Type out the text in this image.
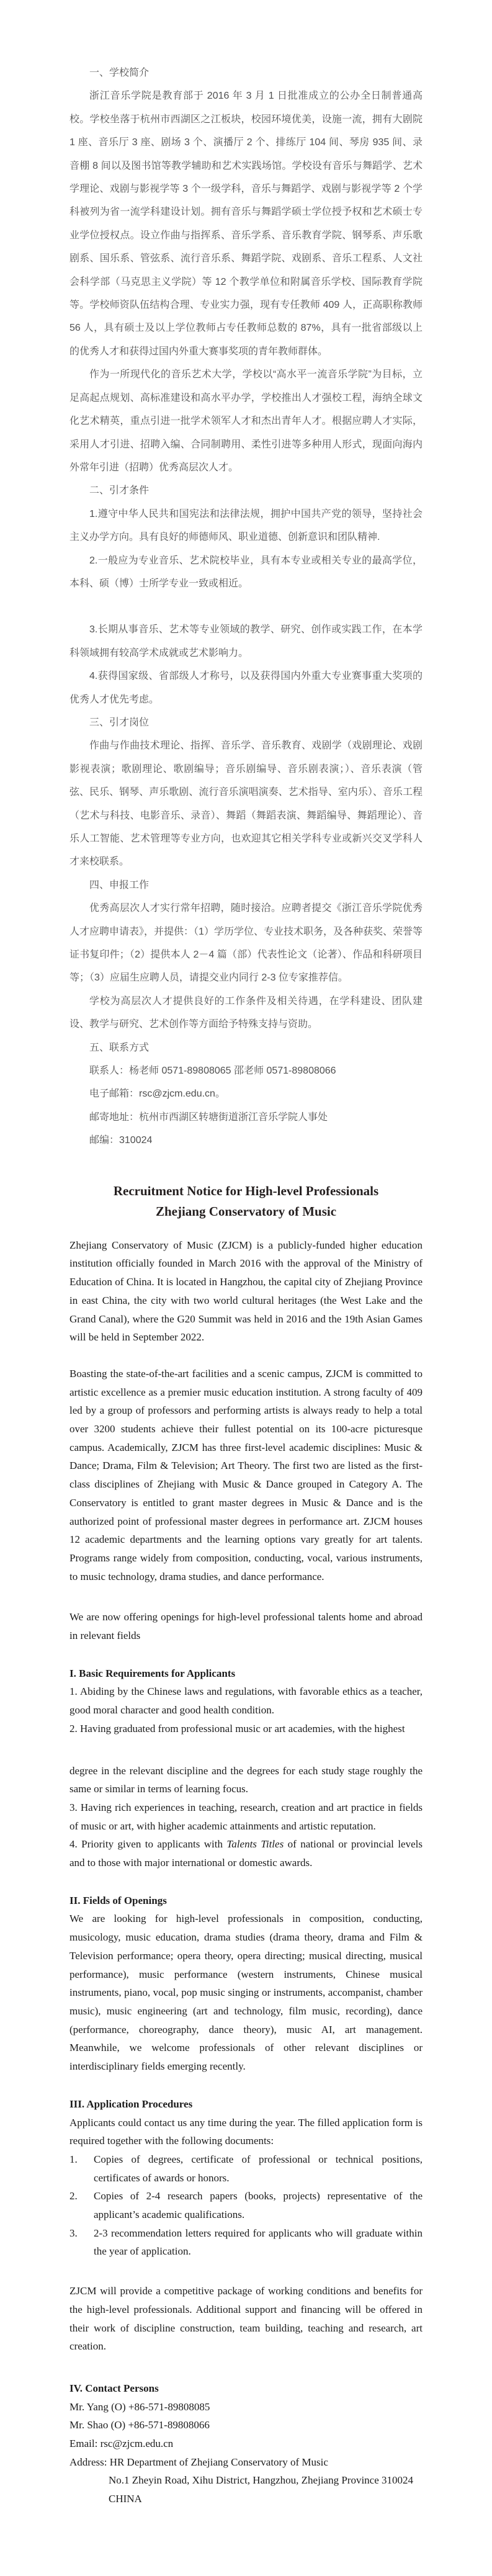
一、学校简介

浙江音乐学院是教育部于 2016 年 3 月 1 日批准成立的公办全日制普通高校。学校坐落于杭州市西湖区之江板块，校园环境优美，设施一流，拥有大剧院 1 座、音乐厅 3 座、剧场 3 个、演播厅 2 个、排练厅 104 间、琴房 935 间、录音棚 8 间以及图书馆等教学辅助和艺术实践场馆。学校设有音乐与舞蹈学、艺术学理论、戏剧与影视学等 3 个一级学科，音乐与舞蹈学、戏剧与影视学等 2 个学科被列为省一流学科建设计划。拥有音乐与舞蹈学硕士学位授予权和艺术硕士专业学位授权点。设立作曲与指挥系、音乐学系、音乐教育学院、钢琴系、声乐歌剧系、国乐系、管弦系、流行音乐系、舞蹈学院、戏剧系、音乐工程系、人文社会科学部（马克思主义学院）等 12 个教学单位和附属音乐学校、国际教育学院等。学校师资队伍结构合理、专业实力强，现有专任教师 409 人，正高职称教师 56 人，具有硕士及以上学位教师占专任教师总数的 87%，具有一批省部级以上的优秀人才和获得过国内外重大赛事奖项的青年教师群体。

作为一所现代化的音乐艺术大学，学校以“高水平一流音乐学院”为目标，立足高起点规划、高标准建设和高水平办学，学校推出人才强校工程，海纳全球文化艺术精英，重点引进一批学术领军人才和杰出青年人才。根据应聘人才实际，采用人才引进、招聘入编、合同制聘用、柔性引进等多种用人形式，现面向海内外常年引进（招聘）优秀高层次人才。

二、引才条件

1.遵守中华人民共和国宪法和法律法规，拥护中国共产党的领导，坚持社会主义办学方向。具有良好的师德师风、职业道德、创新意识和团队精神.

2.一般应为专业音乐、艺术院校毕业，具有本专业或相关专业的最高学位，本科、硕（博）士所学专业一致或相近。

3.长期从事音乐、艺术等专业领域的教学、研究、创作或实践工作，在本学科领域拥有较高学术成就或艺术影响力。

4.获得国家级、省部级人才称号，以及获得国内外重大专业赛事重大奖项的优秀人才优先考虑。

三、引才岗位

作曲与作曲技术理论、指挥、音乐学、音乐教育、戏剧学（戏剧理论、戏剧影视表演；歌剧理论、歌剧编导；音乐剧编导、音乐剧表演；）、音乐表演（管弦、民乐、钢琴、声乐歌剧、流行音乐演唱演奏、艺术指导、室内乐）、音乐工程（艺术与科技、电影音乐、录音）、舞蹈（舞蹈表演、舞蹈编导、舞蹈理论）、音乐人工智能、艺术管理等专业方向，也欢迎其它相关学科专业或新兴交叉学科人才来校联系。

四、申报工作

优秀高层次人才实行常年招聘，随时接洽。应聘者提交《浙江音乐学院优秀人才应聘申请表》，并提供：（1）学历学位、专业技术职务，及各种获奖、荣誉等证书复印件；（2）提供本人 2－4 篇（部）代表性论文（论著）、作品和科研项目等；（3）应届生应聘人员，请提交业内同行 2-3 位专家推荐信。

学校为高层次人才提供良好的工作条件及相关待遇，在学科建设、团队建设、教学与研究、艺术创作等方面给予特殊支持与资助。

五、联系方式

联系人：杨老师 0571-89808065 邵老师 0571-89808066

电子邮箱：rsc@zjcm.edu.cn。

邮寄地址：杭州市西湖区转塘街道浙江音乐学院人事处

邮编：310024

Recruitment Notice for High-level Professionals
Zhejiang Conservatory of Music

Zhejiang Conservatory of Music (ZJCM) is a publicly-funded higher education institution officially founded in March 2016 with the approval of the Ministry of Education of China. It is located in Hangzhou, the capital city of Zhejiang Province in east China, the city with two world cultural heritages (the West Lake and the Grand Canal), where the G20 Summit was held in 2016 and the 19th Asian Games will be held in September 2022.

Boasting the state-of-the-art facilities and a scenic campus, ZJCM is committed to artistic excellence as a premier music education institution. A strong faculty of 409 led by a group of professors and performing artists is always ready to help a total over 3200 students achieve their fullest potential on its 100-acre picturesque campus. Academically, ZJCM has three first-level academic disciplines: Music & Dance; Drama, Film & Television; Art Theory. The first two are listed as the first-class disciplines of Zhejiang with Music & Dance grouped in Category A. The Conservatory is entitled to grant master degrees in Music & Dance and is the authorized point of professional master degrees in performance art. ZJCM houses 12 academic departments and the learning options vary greatly for art talents. Programs range widely from composition, conducting, vocal, various instruments, to music technology, drama studies, and dance performance.

We are now offering openings for high-level professional talents home and abroad in relevant fields

I. Basic Requirements for Applicants

1. Abiding by the Chinese laws and regulations, with favorable ethics as a teacher, good moral character and good health condition.

2. Having graduated from professional music or art academies, with the highest

degree in the relevant discipline and the degrees for each study stage roughly the same or similar in terms of learning focus.

3. Having rich experiences in teaching, research, creation and art practice in fields of music or art, with higher academic attainments and artistic reputation.

4. Priority given to applicants with Talents Titles of national or provincial levels and to those with major international or domestic awards.

II. Fields of Openings

We are looking for high-level professionals in composition, conducting, musicology, music education, drama studies (drama theory, drama and Film & Television performance; opera theory, opera directing; musical directing, musical performance), music performance (western instruments, Chinese musical instruments, piano, vocal, pop music singing or instruments, accompanist, chamber music), music engineering (art and technology, film music, recording), dance (performance, choreography, dance theory), music AI, art management. Meanwhile, we welcome professionals of other relevant disciplines or interdisciplinary fields emerging recently.

III. Application Procedures

Applicants could contact us any time during the year. The filled application form is required together with the following documents:

1. Copies of degrees, certificate of professional or technical positions, certificates of awards or honors.

2. Copies of 2-4 research papers (books, projects) representative of the applicant’s academic qualifications.

3. 2-3 recommendation letters required for applicants who will graduate within the year of application.

ZJCM will provide a competitive package of working conditions and benefits for the high-level professionals. Additional support and financing will be offered in their work of discipline construction, team building, teaching and research, art creation.

IV. Contact Persons

Mr. Yang (O) +86-571-89808085

Mr. Shao (O) +86-571-89808066

Email: rsc@zjcm.edu.cn

Address: HR Department of Zhejiang Conservatory of Music

No.1 Zheyin Road, Xihu District, Hangzhou, Zhejiang Province 310024

CHINA
